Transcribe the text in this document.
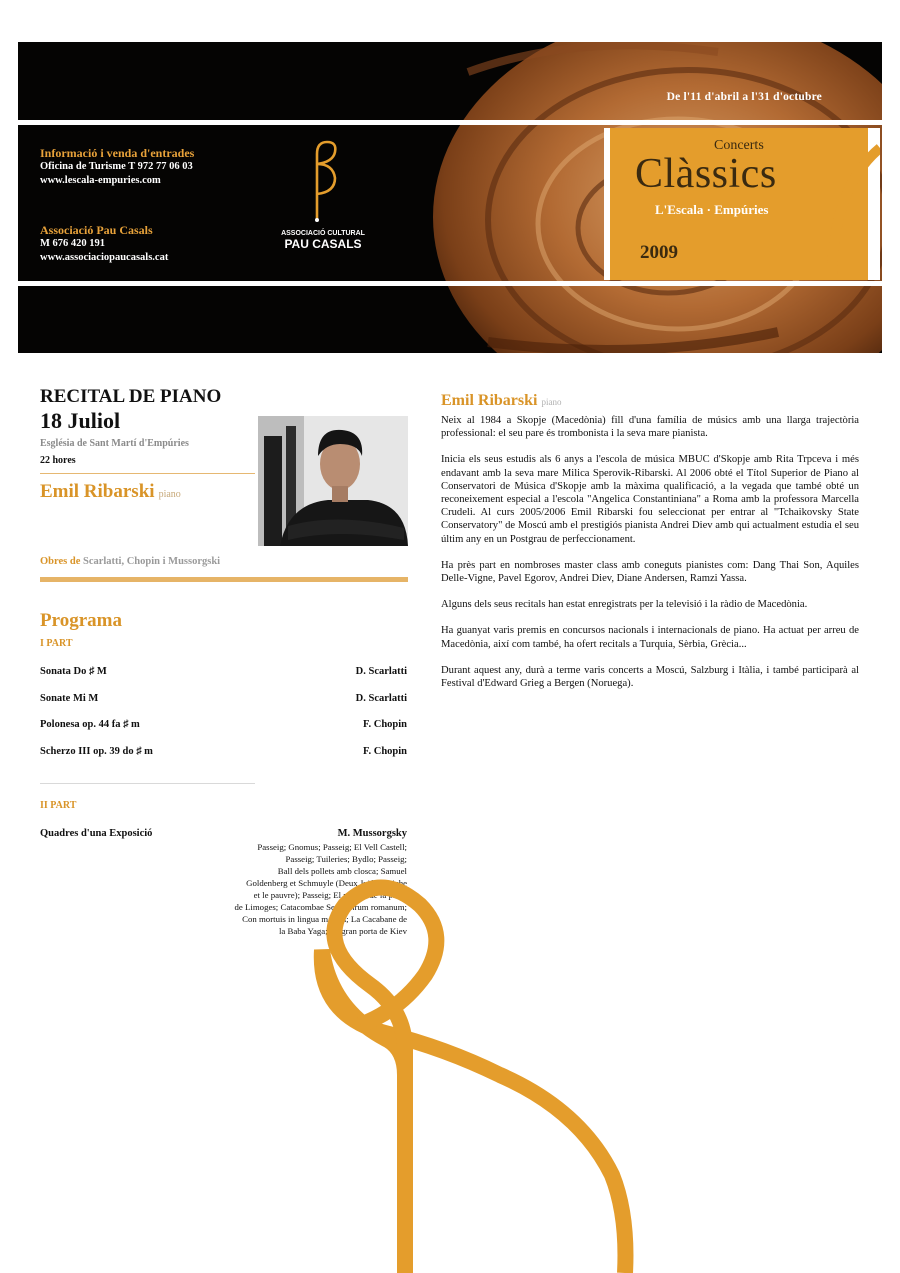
De l'11 d'abril a l'31 d'octubre
Informació i venda d'entrades
Oficina de Turisme T 972 77 06 03
www.lescala-empuries.com
Associació Pau Casals
M 676 420 191
www.associaciopaucasals.cat
ASSOCIACIÓ CULTURAL
PAU CASALS
Concerts
Clàssics
L'Escala · Empúries
2009
RECITAL DE PIANO
18 Juliol
Església de Sant Martí d'Empúries
22 hores
Emil Ribarski piano
Obres de Scarlatti, Chopin i Mussorgski
Programa
I PART
Sonata Do ♯ M	D. Scarlatti
Sonate Mi M	D. Scarlatti
Polonesa op. 44 fa ♯ m	F. Chopin
Scherzo III op. 39 do ♯ m	F. Chopin
II PART
Quadres d'una Exposició	M. Mussorgsky
Passeig; Gnomus; Passeig; El Vell Castell;
Passeig; Tuileries; Bydlo; Passeig;
Ball dels pollets amb closca; Samuel
Goldenberg et Schmuyle (Deux Juifs, le riche
et le pauvre); Passeig; El mercat de la plaça
de Limoges; Catacombae Sepulchrum romanum;
Con mortuis in lingua mortua; La Cacabane de
la Baba Yaga; La gran porta de Kiev
Emil Ribarski piano

Neix al 1984 a Skopje (Macedònia) fill d'una família de músics amb una llarga trajectòria professional: el seu pare és trombonista i la seva mare pianista.

Inicia els seus estudis als 6 anys a l'escola de música MBUC d'Skopje amb Rita Trpceva i més endavant amb la seva mare Milica Sperovik-Ribarski. Al 2006 obté el Títol Superior de Piano al Conservatori de Música d'Skopje amb la màxima qualificació, a la vegada que també obté un reconeixement especial a l'escola "Angelica Constantiniana" a Roma amb la professora Marcella Crudeli. Al curs 2005/2006 Emil Ribarski fou seleccionat per entrar al "Tchaikovsky State Conservatory" de Moscú amb el prestigiós pianista Andrei Diev amb qui actualment estudia el seu últim any en un Postgrau de perfeccionament.

Ha près part en nombroses master class amb coneguts pianistes com: Dang Thai Son, Aquiles Delle-Vigne, Pavel Egorov, Andrei Diev, Diane Andersen, Ramzi Yassa.

Alguns dels seus recitals han estat enregistrats per la televisió i la ràdio de Macedònia.

Ha guanyat varis premis en concursos nacionals i internacionals de piano. Ha actuat per arreu de Macedònia, així com també, ha ofert recitals a Turquia, Sèrbia, Grècia...

Durant aquest any, durà a terme varis concerts a Moscú, Salzburg i Itàlia, i també participarà al Festival d'Edward Grieg a Bergen (Noruega).
